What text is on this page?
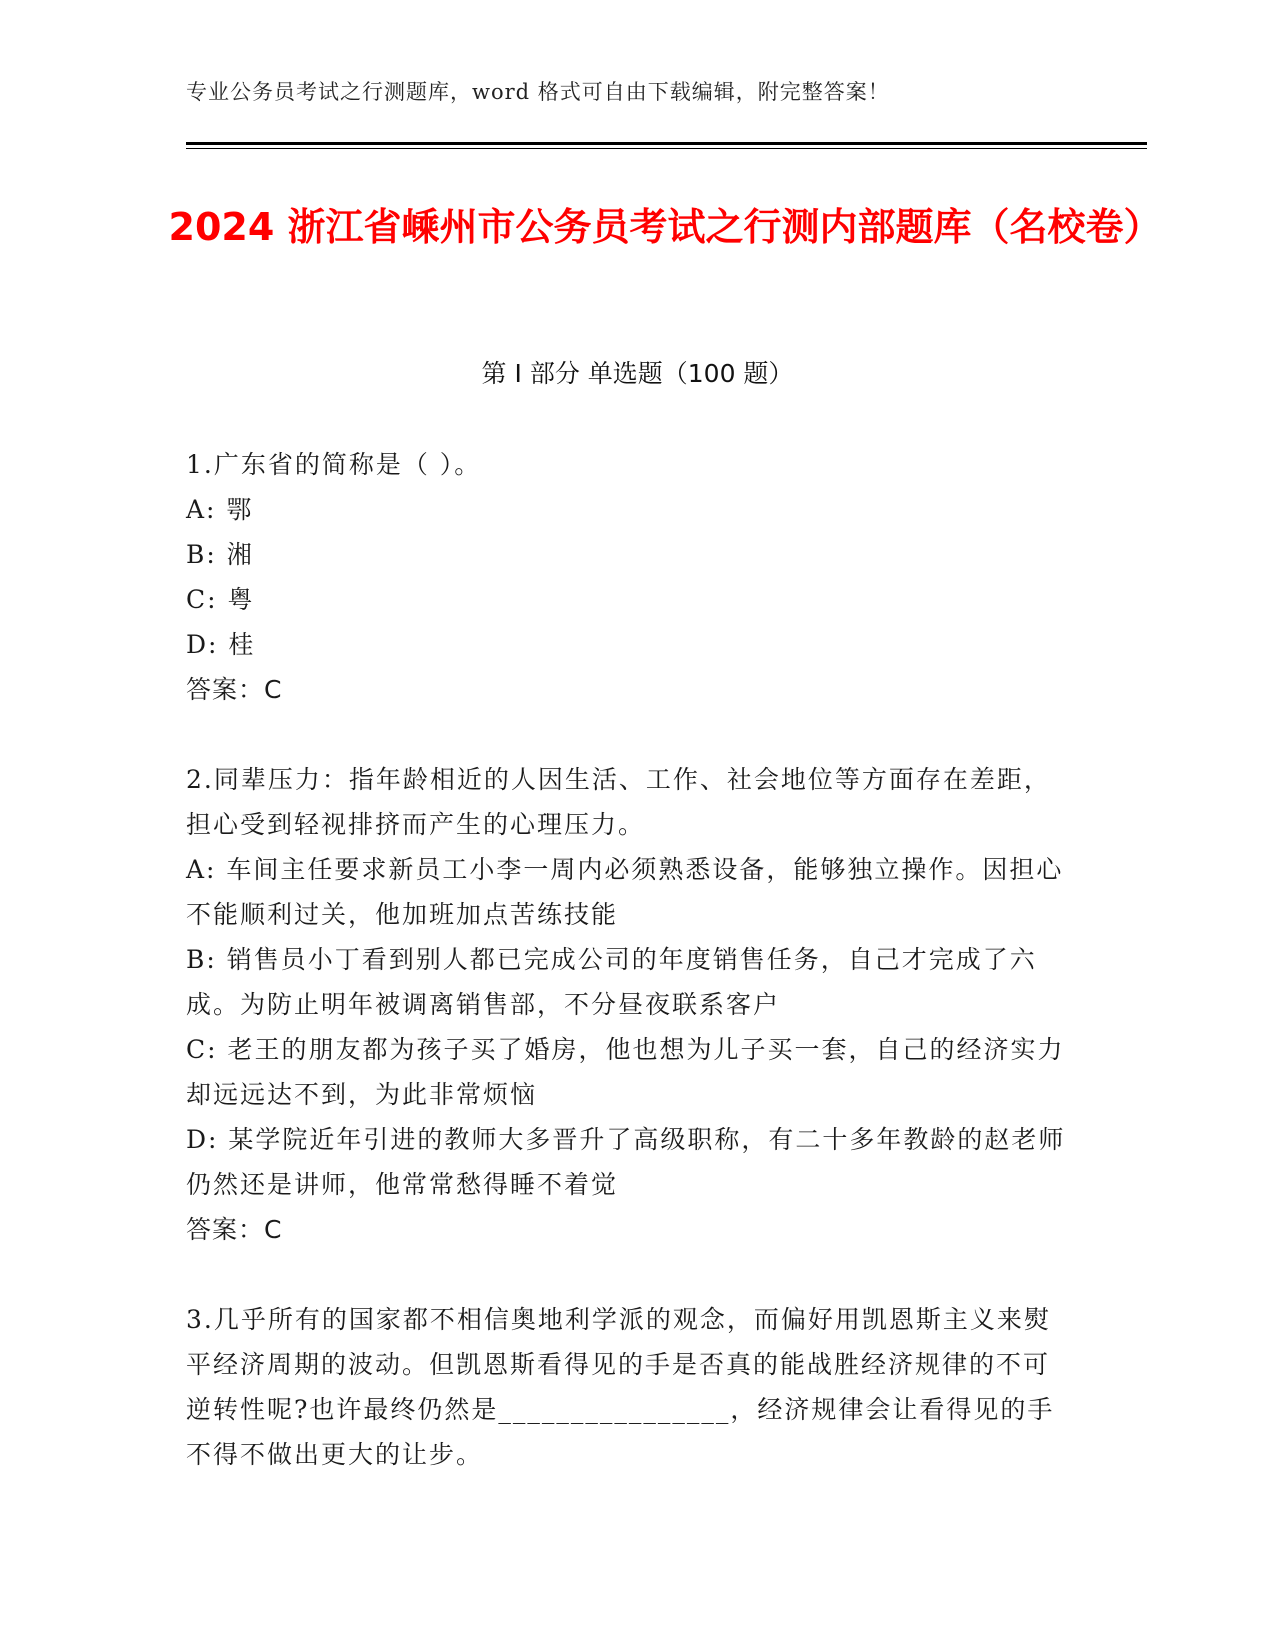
专业公务员考试之行测题库，word 格式可自由下载编辑，附完整答案！
2024 浙江省嵊州市公务员考试之行测内部题库（名校卷）
第 I 部分 单选题（100 题）

1.广东省的简称是（ ）。

A: 鄂

B: 湘

C: 粤

D: 桂

答案：C

2.同辈压力：指年龄相近的人因生活、工作、社会地位等方面存在差距，担心受到轻视排挤而产生的心理压力。

A: 车间主任要求新员工小李一周内必须熟悉设备，能够独立操作。因担心不能顺利过关，他加班加点苦练技能

B: 销售员小丁看到别人都已完成公司的年度销售任务，自己才完成了六成。为防止明年被调离销售部，不分昼夜联系客户

C: 老王的朋友都为孩子买了婚房，他也想为儿子买一套，自己的经济实力却远远达不到，为此非常烦恼

D: 某学院近年引进的教师大多晋升了高级职称，有二十多年教龄的赵老师仍然还是讲师，他常常愁得睡不着觉

答案：C

3.几乎所有的国家都不相信奥地利学派的观念，而偏好用凯恩斯主义来熨平经济周期的波动。但凯恩斯看得见的手是否真的能战胜经济规律的不可逆转性呢?也许最终仍然是________________，经济规律会让看得见的手不得不做出更大的让步。
